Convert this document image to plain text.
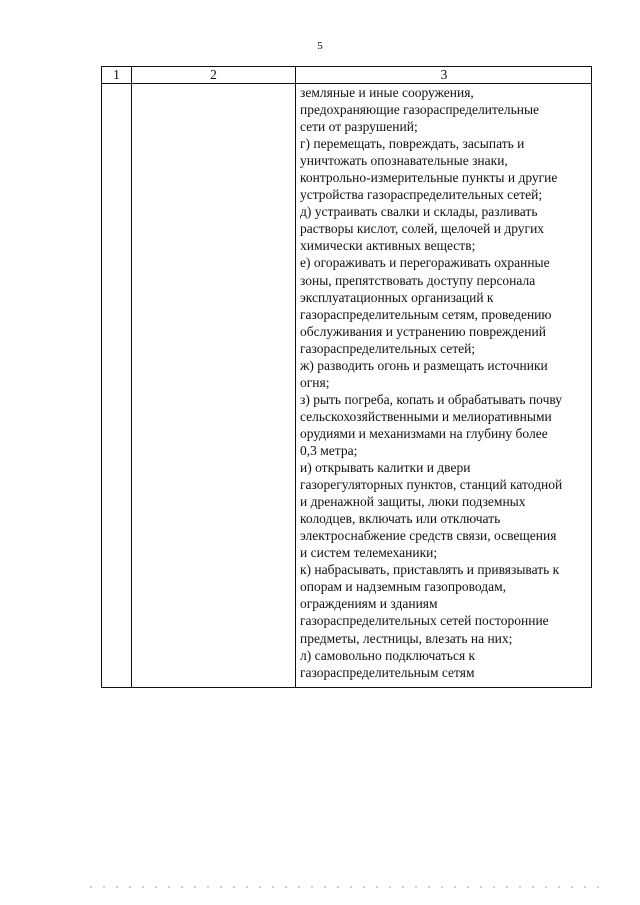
5
1	2	3
земляные и иные сооружения,
предохраняющие газораспределительные
сети от разрушений;
г) перемещать, повреждать, засыпать и
уничтожать опознавательные знаки,
контрольно-измерительные пункты и другие
устройства газораспределительных сетей;
д) устраивать свалки и склады, разливать
растворы кислот, солей, щелочей и других
химически активных веществ;
е) огораживать и перегораживать охранные
зоны, препятствовать доступу персонала
эксплуатационных организаций к
газораспределительным сетям, проведению
обслуживания и устранению повреждений
газораспределительных сетей;
ж) разводить огонь и размещать источники
огня;
з) рыть погреба, копать и обрабатывать почву
сельскохозяйственными и мелиоративными
орудиями и механизмами на глубину более
0,3 метра;
и) открывать калитки и двери
газорегуляторных пунктов, станций катодной
и дренажной защиты, люки подземных
колодцев, включать или отключать
электроснабжение средств связи, освещения
и систем телемеханики;
к) набрасывать, приставлять и привязывать к
опорам и надземным газопроводам,
ограждениям и зданиям
газораспределительных сетей посторонние
предметы, лестницы, влезать на них;
л) самовольно подключаться к
газораспределительным сетям
